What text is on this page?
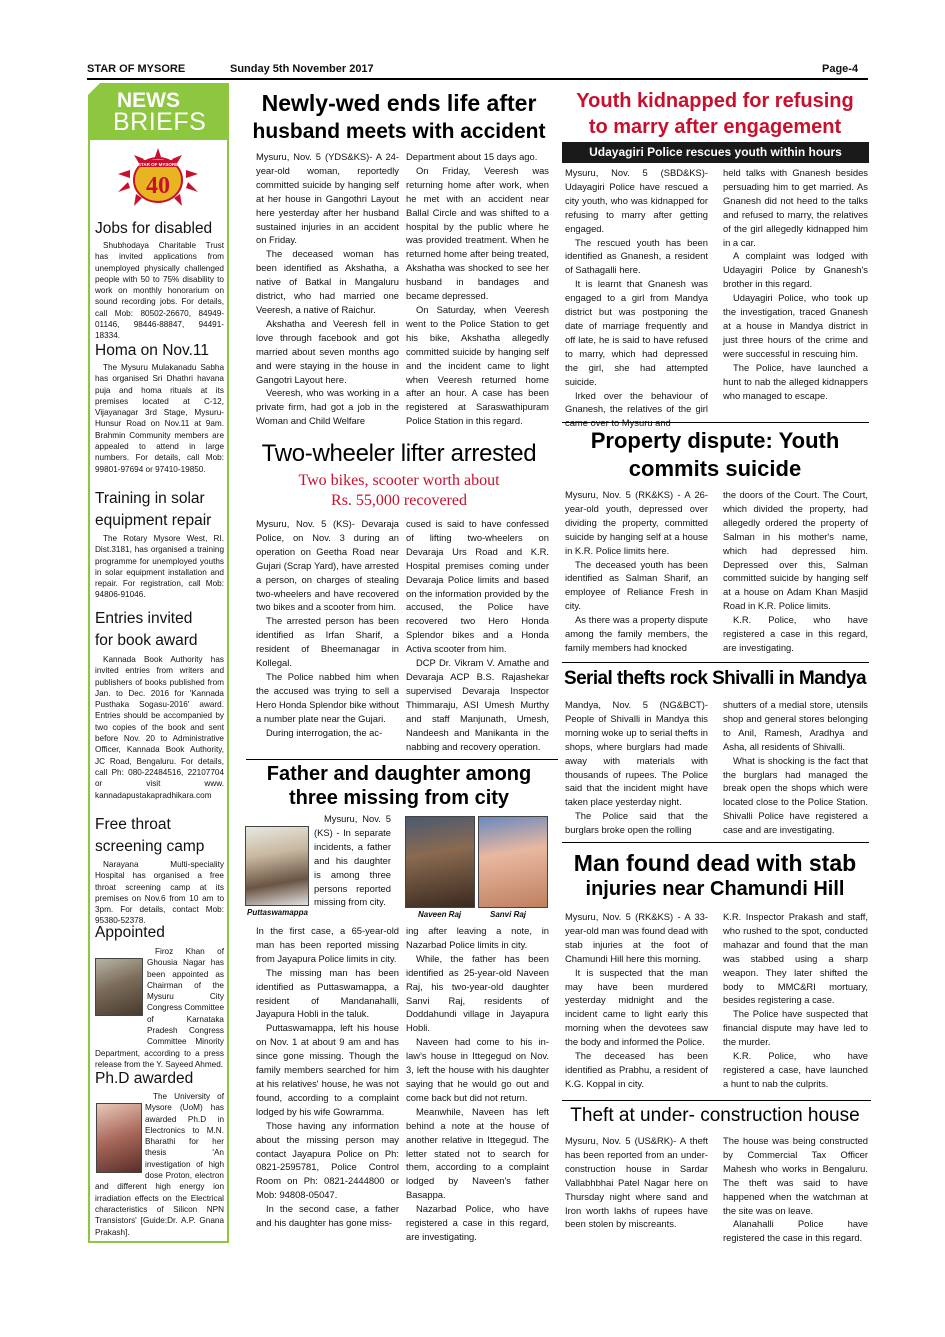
STAR OF MYSORE	Sunday 5th November 2017	Page-4
NEWS
BRIEFS
STAR OF MYSORE
40
Jobs for disabled

Shubhodaya Charitable Trust has invited applications from unemployed physically challenged people with 50 to 75% disability to work on monthly honorarium on sound recording jobs. For details, call Mob: 80502-26670, 84949-01146, 98446-88847, 94491-18334.

Homa on Nov.11

The Mysuru Mulakanadu Sabha has organised Sri Dhathri havana puja and homa rituals at its premises located at C-12, Vijayanagar 3rd Stage, Mysuru-Hunsur Road on Nov.11 at 9am. Brahmin Community members are appealed to attend in large numbers. For details, call Mob: 99801-97694 or 97410-19850.

Training in solar
equipment repair

The Rotary Mysore West, RI. Dist.3181, has organised a training programme for unemployed youths in solar equipment installation and repair. For registration, call Mob: 94806-91046.

Entries invited
for book award

Kannada Book Authority has invited entries from writers and publishers of books published from Jan. to Dec. 2016 for 'Kannada Pusthaka Sogasu-2016' award. Entries should be accompanied by two copies of the book and sent before Nov. 20 to Administrative Officer, Kannada Book Authority, JC Road, Bengaluru. For details, call Ph: 080-22484516, 22107704 or visit www. kannadapustakapradhikara.com

Free throat
screening camp

Narayana Multi-speciality Hospital has organised a free throat screening camp at its premises on Nov.6 from 10 am to 3pm. For details, contact Mob: 95380-52378.

Appointed

Firoz Khan of Ghousia Nagar has been appointed as Chairman of the Mysuru City Congress Committee of Karnataka Pradesh Congress Committee Minority Department, according to a press release from the Y. Sayeed Ahmed.

Ph.D awarded

The University of Mysore (UoM) has awarded Ph.D in Electronics to M.N. Bharathi for her thesis 'An investigation of high dose Proton, electron and different high energy ion irradiation effects on the Electrical characteristics of Silicon NPN Transistors' [Guide:Dr. A.P. Gnana Prakash].

Newly-wed ends life after
husband meets with accident

Mysuru, Nov. 5 (YDS&KS)- A 24-year-old woman, reportedly committed suicide by hanging self at her house in Gangothri Layout here yesterday after her husband sustained injuries in an accident on Friday.

The deceased woman has been identified as Akshatha, a native of Batkal in Mangaluru district, who had married one Veeresh, a native of Raichur.

Akshatha and Veeresh fell in love through facebook and got married about seven months ago and were staying in the house in Gangotri Layout here.

Veeresh, who was working in a private firm, had got a job in the Woman and Child Welfare

Department about 15 days ago.

On Friday, Veeresh was returning home after work, when he met with an accident near Ballal Circle and was shifted to a hospital by the public where he was provided treatment. When he returned home after being treated, Akshatha was shocked to see her husband in bandages and became depressed.

On Saturday, when Veeresh went to the Police Station to get his bike, Akshatha allegedly committed suicide by hanging self and the incident came to light when Veeresh returned home after an hour. A case has been registered at Saraswathipuram Police Station in this regard.

Youth kidnapped for refusing
to marry after engagement
Udayagiri Police rescues youth within hours

Mysuru, Nov. 5 (SBD&KS)- Udayagiri Police have rescued a city youth, who was kidnapped for refusing to marry after getting engaged.

The rescued youth has been identified as Gnanesh, a resident of Sathagalli here.

It is learnt that Gnanesh was engaged to a girl from Mandya district but was postponing the date of marriage frequently and off late, he is said to have refused to marry, which had depressed the girl, she had attempted suicide.

Irked over the behaviour of Gnanesh, the relatives of the girl

held talks with Gnanesh besides persuading him to get married. As Gnanesh did not heed to the talks and refused to marry, the relatives of the girl allegedly kidnapped him in a car.

A complaint was lodged with Udayagiri Police by Gnanesh's brother in this regard.

Udayagiri Police, who took up the investigation, traced Gnanesh at a house in Mandya district in just three hours of the crime and were successful in rescuing him.

The Police, have launched a hunt to nab the alleged kidnappers who managed to escape.

Two-wheeler lifter arrested
Two bikes, scooter worth about
Rs. 55,000 recovered

Mysuru, Nov. 5 (KS)- Devaraja Police, on Nov. 3 during an operation on Geetha Road near Gujari (Scrap Yard), have arrested a person, on charges of stealing two-wheelers and have recovered two bikes and a scooter from him.

The arrested person has been identified as Irfan Sharif, a resident of Bheemanagar in Kollegal.

The Police nabbed him when the accused was trying to sell a Hero Honda Splendor bike without a number plate near the Gujari.

During interrogation, the ac-

cused is said to have confessed of lifting two-wheelers on Devaraja Urs Road and K.R. Hospital premises coming under Devaraja Police limits and based on the information provided by the accused, the Police have recovered two Hero Honda Splendor bikes and a Honda Activa scooter from him.

DCP Dr. Vikram V. Amathe and Devaraja ACP B.S. Rajashekar supervised Devaraja Inspector Thimmaraju, ASI Umesh Murthy and staff Manjunath, Umesh, Nandeesh and Manikanta in the nabbing and recovery operation.

Property dispute: Youth
commits suicide

Mysuru, Nov. 5 (RK&KS) - A 26-year-old youth, depressed over dividing the property, committed suicide by hanging self at a house in K.R. Police limits here.

The deceased youth has been identified as Salman Sharif, an employee of Reliance Fresh in city.

As there was a property dispute among the family members, the family members had knocked

the doors of the Court. The Court, which divided the property, had allegedly ordered the property of Salman in his mother's name, which had depressed him. Depressed over this, Salman committed suicide by hanging self at a house on Adam Khan Masjid Road in K.R. Police limits.

K.R. Police, who have registered a case in this regard, are investigating.

Serial thefts rock Shivalli in Mandya

Mandya, Nov. 5 (NG&BCT)- People of Shivalli in Mandya this morning woke up to serial thefts in shops, where burglars had made away with materials with thousands of rupees. The Police said that the incident might have taken place yesterday night.

The Police said that the burglars broke open the rolling

shutters of a medial store, utensils shop and general stores belonging to Anil, Ramesh, Aradhya and Asha, all residents of Shivalli.

What is shocking is the fact that the burglars had managed the break open the shops which were located close to the Police Station. Shivalli Police have registered a case and are investigating.

Father and daughter among
three missing from city
Puttaswamappa

Mysuru, Nov. 5 (KS) - In separate incidents, a father and his daughter is among three persons reported missing from city.

Naveen Raj	Sanvi Raj

In the first case, a 65-year-old man has been reported missing from Jayapura Police limits in city.

The missing man has been identified as Puttaswamappa, a resident of Mandanahalli, Jayapura Hobli in the taluk.

Puttaswamappa, left his house on Nov. 1 at about 9 am and has since gone missing. Though the family members searched for him at his relatives' house, he was not found, according to a complaint lodged by his wife Gowramma.

Those having any information about the missing person may contact Jayapura Police on Ph: 0821-2595781, Police Control Room on Ph: 0821-2444800 or Mob: 94808-05047.

In the second case, a father and his daughter has gone miss-

ing after leaving a note, in Nazarbad Police limits in city.

While, the father has been identified as 25-year-old Naveen Raj, his two-year-old daughter Sanvi Raj, residents of Doddahundi village in Jayapura Hobli.

Naveen had come to his in-law's house in Ittegegud on Nov. 3, left the house with his daughter saying that he would go out and come back but did not return.

Meanwhile, Naveen has left behind a note at the house of another relative in Ittegegud. The letter stated not to search for them, according to a complaint lodged by Naveen's father Basappa.

Nazarbad Police, who have registered a case in this regard, are investigating.

Man found dead with stab
injuries near Chamundi Hill

Mysuru, Nov. 5 (RK&KS) - A 33-year-old man was found dead with stab injuries at the foot of Chamundi Hill here this morning.

It is suspected that the man may have been murdered yesterday midnight and the incident came to light early this morning when the devotees saw the body and informed the Police.

The deceased has been identified as Prabhu, a resident of K.G. Koppal in city.

K.R. Inspector Prakash and staff, who rushed to the spot, conducted mahazar and found that the man was stabbed using a sharp weapon. They later shifted the body to MMC&RI mortuary, besides registering a case.

The Police have suspected that financial dispute may have led to the murder.

K.R. Police, who have registered a case, have launched a hunt to nab the culprits.

Theft at under- construction house

Mysuru, Nov. 5 (US&RK)- A theft has been reported from an under-construction house in Sardar Vallabhbhai Patel Nagar here on Thursday night where sand and Iron worth lakhs of rupees have been stolen by miscreants.

The house was being constructed by Commercial Tax Officer Mahesh who works in Bengaluru. The theft was said to have happened when the watchman at the site was on leave.

Alanahalli Police have registered the case in this regard.
